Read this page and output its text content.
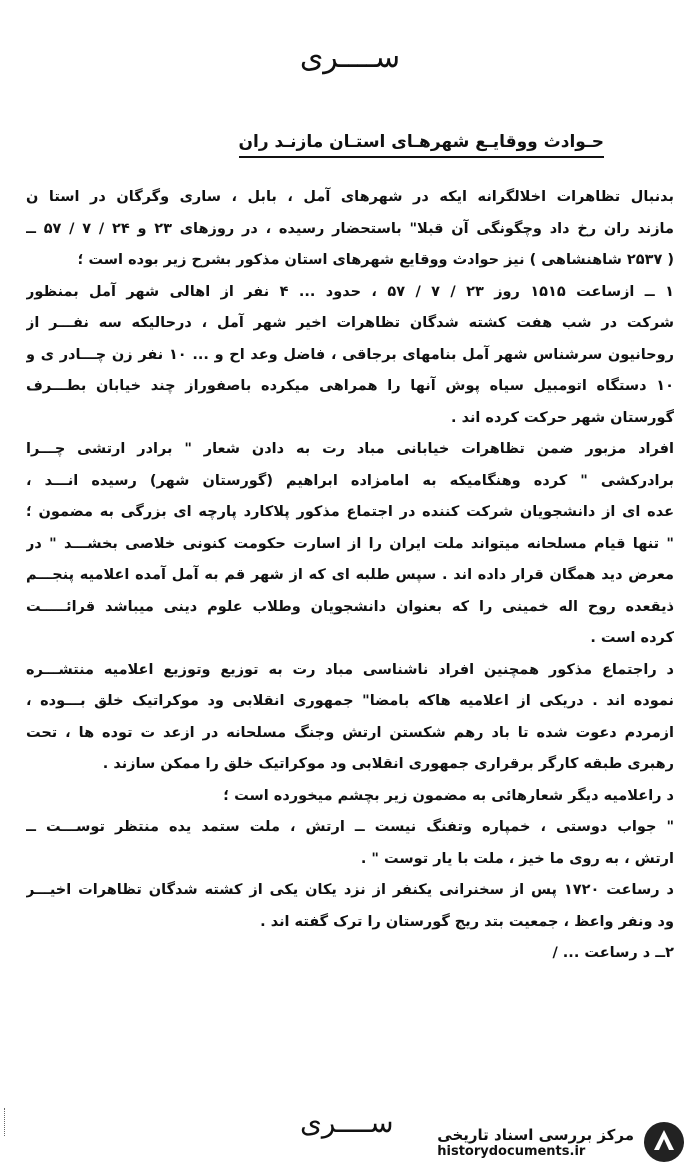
ســــری
حـوادث ووقایـع شهرهـای استـان مازنـد ران
بدنبال تظاهرات اخلالگرانه ایکه در شهرهای آمل ، بابل ، ساری وگرگان در استا ن
مازند ران رخ داد وچگونگی آن قبلا" باستحضار رسیده ، در روزهای ۲۳ و ۲۴ / ۷ / ۵۷ ــ
( ۲۵۳۷ شاهنشاهی ) نیز حوادث ووقایع شهرهای استان مذکور بشرح زیر بوده است ؛
۱ ــ ازساعت ۱۵۱۵ روز ۲۳ / ۷ / ۵۷ ، حدود ... ۴ نفر از اهالی شهر آمل بمنظور
شرکت در شب هفت کشته شدگان تظاهرات اخیر شهر آمل ، درحالیکه سه نفـــر از
روحانیون سرشناس شهر آمل بنامهای برجاقی ، فاضل وعد اح و ... ۱۰ نفر زن چـــادر ی و
۱۰ دستگاه اتومبیل سیاه پوش آنها را همراهی میکرده باصفوراز چند خیابان بطـــرف
گورستان شهر حرکت کرده اند .
افراد مزبور ضمن تظاهرات خیابانی مباد رت به دادن شعار " برادر ارتشی چـــرا
برادرکشی " کرده وهنگامیکه به امامزاده ابراهیم (گورستان شهر) رسیده انـــد ،
عده ای از دانشجویان شرکت کننده در اجتماع مذکور پلاکارد پارچه ای بزرگی به مضمون ؛
" تنها قیام مسلحانه میتواند ملت ایران را از اسارت حکومت کنونی خلاصی بخشـــد " در
معرض دید همگان قرار داده اند . سپس طلبه ای که از شهر قم به آمل آمده اعلامیه پنجـــم
ذیقعده روح اله خمینی را که بعنوان دانشجویان وطلاب علوم دینی میباشد قرائـــــت
کرده است .
د راجتماع مذکور همچنین افراد ناشناسی مباد رت به توزیع وتوزیع اعلامیه منتشـــره
نموده اند . دریکی از اعلامیه هاکه بامضا" جمهوری انقلابی ود موکراتیک خلق بـــوده ،
ازمردم دعوت شده تا باد رهم شکستن ارتش وجنگ مسلحانه در ازعد ت توده ها ، تحت
رهبری طبقه کارگر برقراری جمهوری انقلابی ود موکراتیک خلق را ممکن سازند .
د راعلامیه دیگر شعارهائی به مضمون زیر بچشم میخورده است ؛
" جواب دوستی ، خمپاره وتفنگ نیست ــ ارتش ، ملت ستمد یده منتظر توســـت ــ
ارتش ، به روی ما خیز ، ملت با یار توست " .
د رساعت ۱۷۲۰ پس از سخنرانی یکنفر از نزد یکان یکی از کشته شدگان تظاهرات اخیـــر
ود ونفر واعظ ، جمعیت بتد ریج گورستان را ترک گفته اند .
۲ــ د رساعت ... /
ســــری	مرکز بررسی اسناد تاریخی
historydocuments.ir
